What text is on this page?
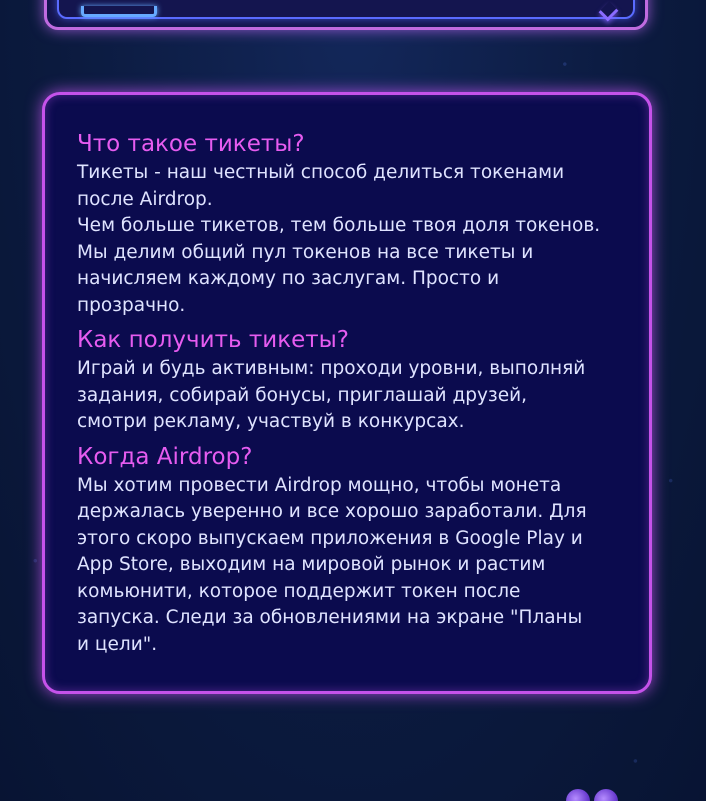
Что такое тикеты?

Тикеты - наш честный способ делиться токенами
после Airdrop.
Чем больше тикетов, тем больше твоя доля токенов.
Мы делим общий пул токенов на все тикеты и
начисляем каждому по заслугам. Просто и
прозрачно.

Как получить тикеты?

Играй и будь активным: проходи уровни, выполняй
задания, собирай бонусы, приглашай друзей,
смотри рекламу, участвуй в конкурсах.

Когда Airdrop?

Мы хотим провести Airdrop мощно, чтобы монета
держалась уверенно и все хорошо заработали. Для
этого скоро выпускаем приложения в Google Play и
App Store, выходим на мировой рынок и растим
комьюнити, которое поддержит токен после
запуска. Следи за обновлениями на экране "Планы
и цели".
